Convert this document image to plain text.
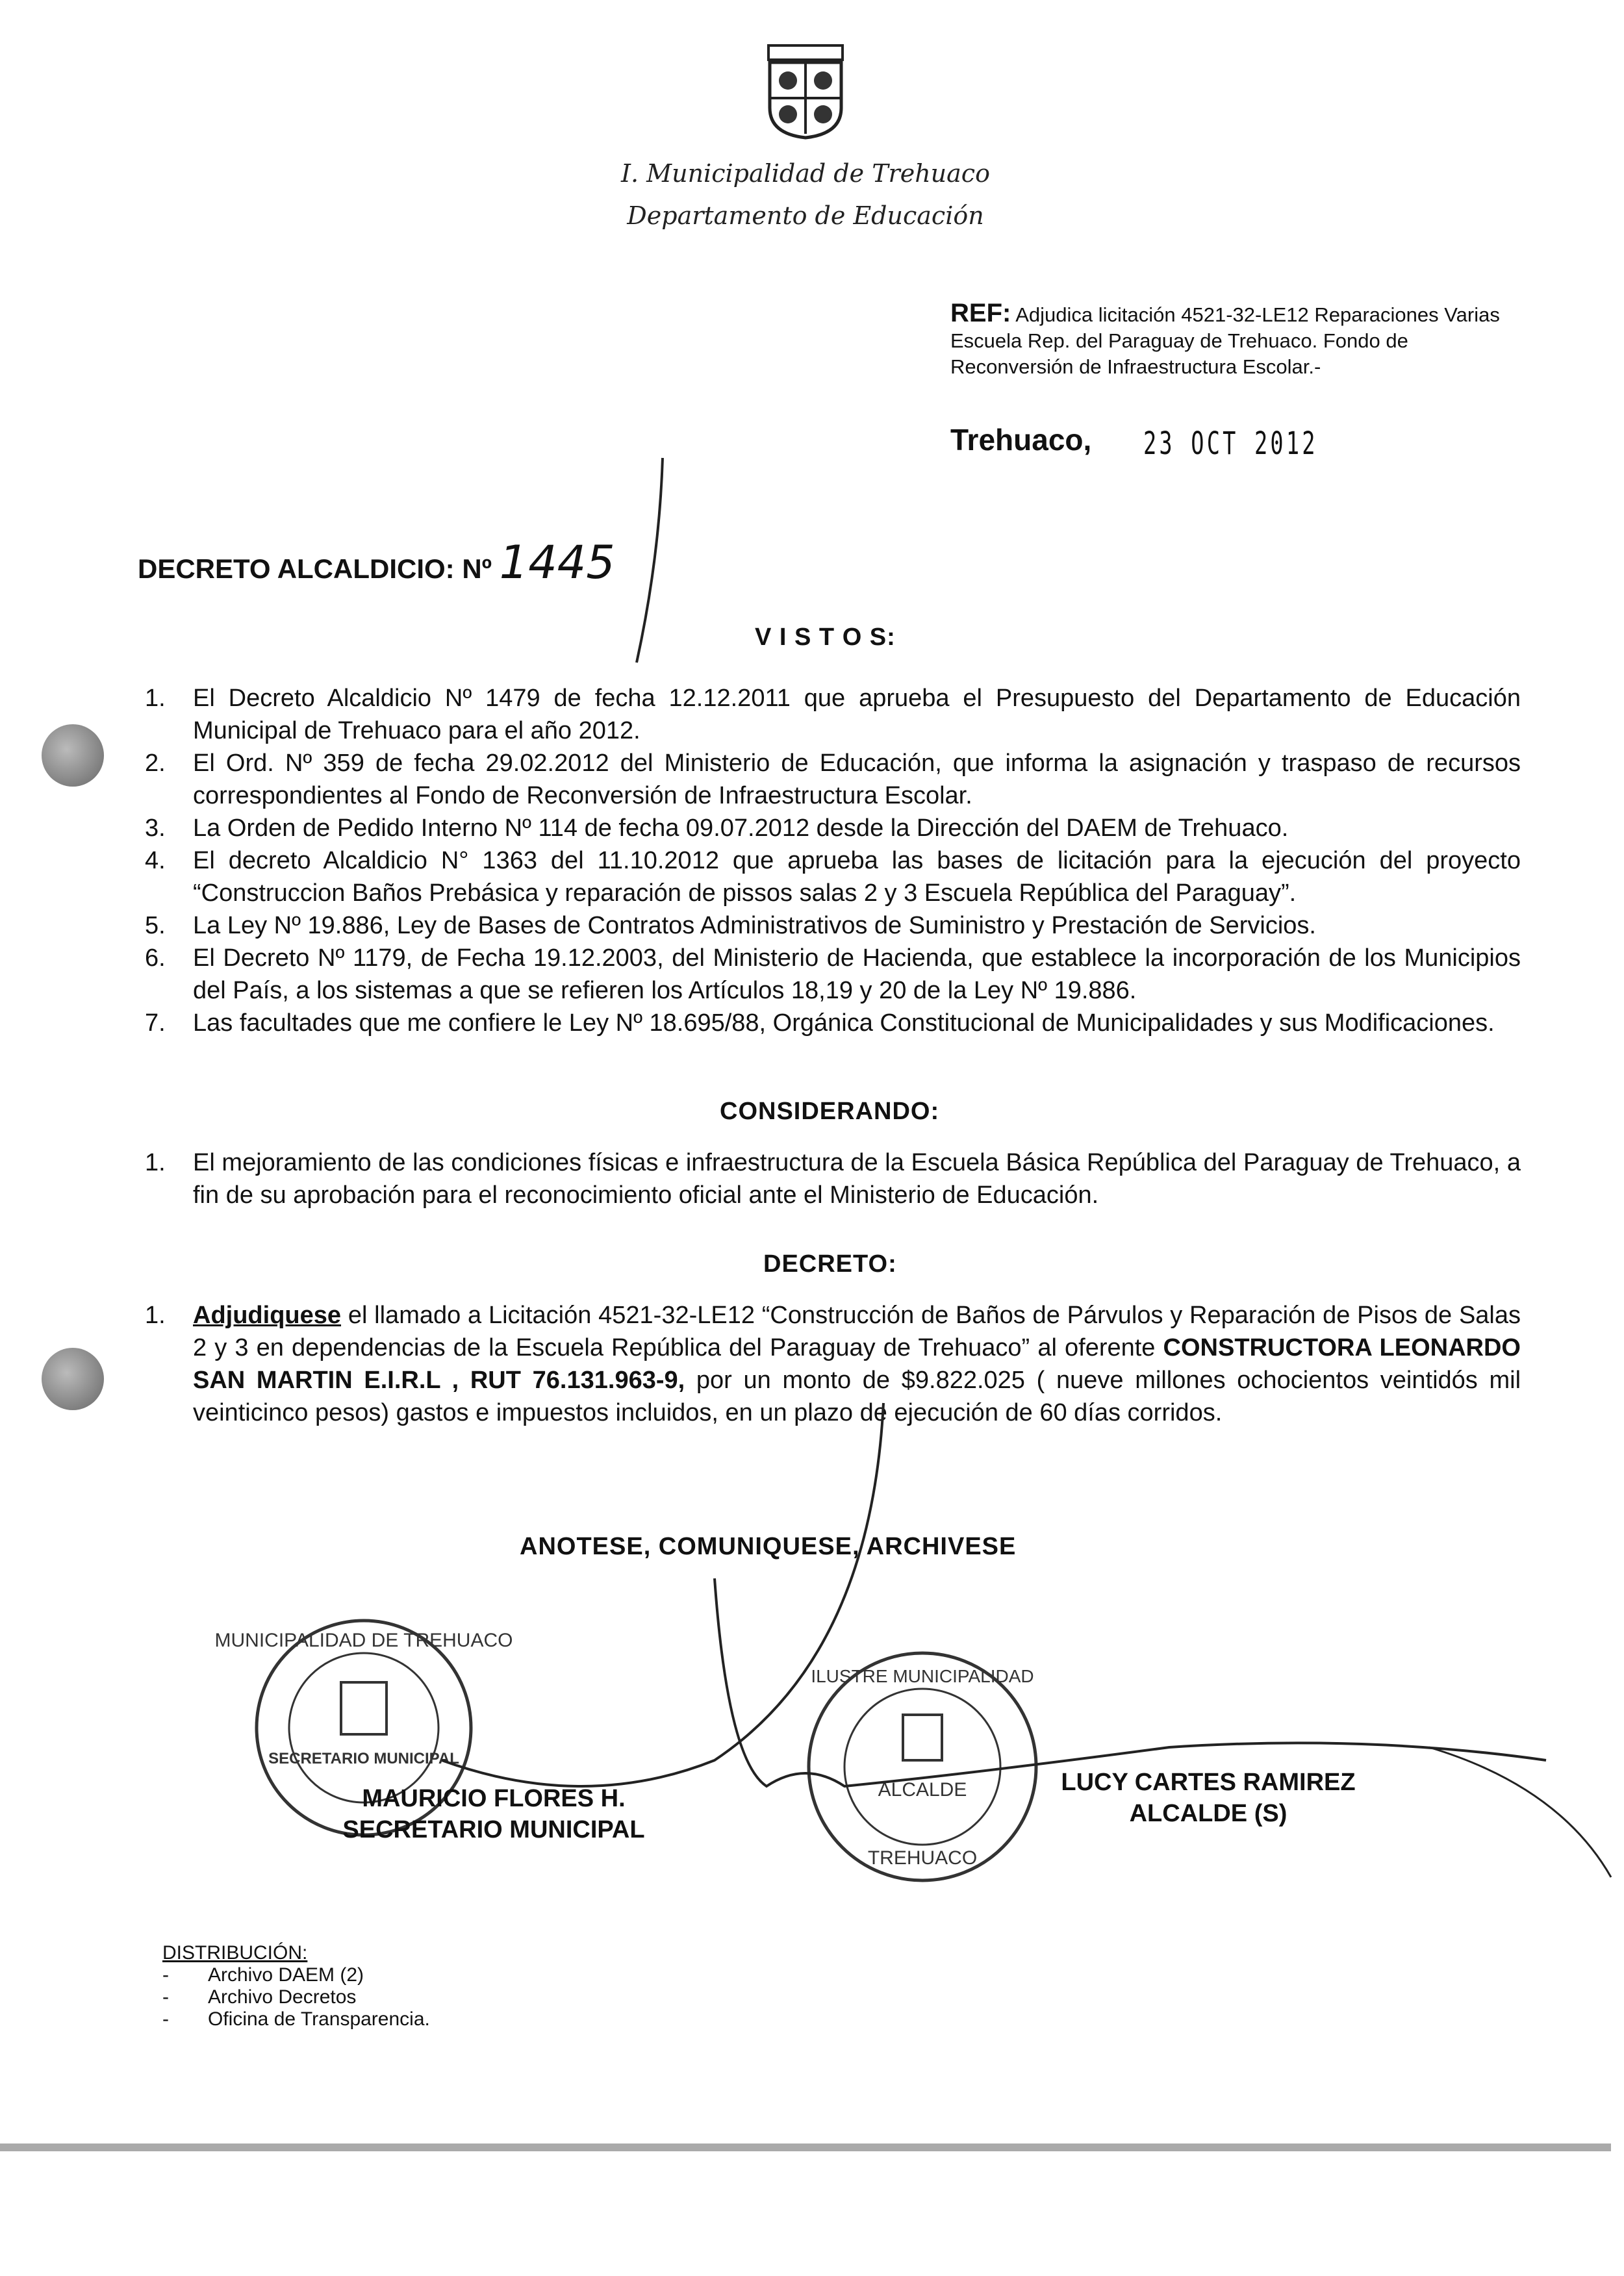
I. Municipalidad de Trehuaco
Departamento de Educación
REF: Adjudica licitación 4521-32-LE12 Reparaciones Varias Escuela Rep. del Paraguay de Trehuaco. Fondo de Reconversión de Infraestructura Escolar.-
Trehuaco, 23 OCT 2012
DECRETO ALCALDICIO: Nº 1445
V I S T O S:
1.	El Decreto Alcaldicio Nº 1479 de fecha 12.12.2011 que aprueba el Presupuesto del Departamento de Educación Municipal de Trehuaco para el año 2012.
2.	El Ord. Nº 359 de fecha 29.02.2012 del Ministerio de Educación, que informa la asignación y traspaso de recursos correspondientes al Fondo de Reconversión de Infraestructura Escolar.
3.	La Orden de Pedido Interno Nº 114 de fecha 09.07.2012 desde la Dirección del DAEM de Trehuaco.
4.	El decreto Alcaldicio N° 1363 del 11.10.2012 que aprueba las bases de licitación para la ejecución del proyecto “Construccion Baños Prebásica y reparación de pissos salas 2 y 3 Escuela República del Paraguay”.
5.	La Ley Nº 19.886, Ley de Bases de Contratos Administrativos de Suministro y Prestación de Servicios.
6.	El Decreto Nº 1179, de Fecha 19.12.2003, del Ministerio de Hacienda, que establece la incorporación de los Municipios del País, a los sistemas a que se refieren los Artículos 18,19 y 20 de la Ley Nº 19.886.
7.	Las facultades que me confiere le Ley Nº 18.695/88, Orgánica Constitucional de Municipalidades y sus Modificaciones.
CONSIDERANDO:
1.	El mejoramiento de las condiciones físicas e infraestructura de la Escuela Básica República del Paraguay de Trehuaco, a fin de su aprobación para el reconocimiento oficial ante el Ministerio de Educación.
DECRETO:
1.	Adjudiquese el llamado a Licitación 4521-32-LE12 “Construcción de Baños de Párvulos y Reparación de Pisos de Salas 2 y 3 en dependencias de la Escuela República del Paraguay de Trehuaco” al oferente CONSTRUCTORA LEONARDO SAN MARTIN E.I.R.L , RUT 76.131.963-9, por un monto de $9.822.025 ( nueve millones ochocientos veintidós mil veinticinco pesos) gastos e impuestos incluidos, en un plazo de ejecución de 60 días corridos.
ANOTESE, COMUNIQUESE, ARCHIVESE
MUNICIPALIDAD DE TREHUACO
SECRETARIO MUNICIPAL
ILUSTRE MUNICIPALIDAD
ALCALDE
TREHUACO
MAURICIO FLORES H.
SECRETARIO MUNICIPAL
LUCY CARTES RAMIREZ
ALCALDE (S)
DISTRIBUCIÓN:
- Archivo DAEM (2)
- Archivo Decretos
- Oficina de Transparencia.
